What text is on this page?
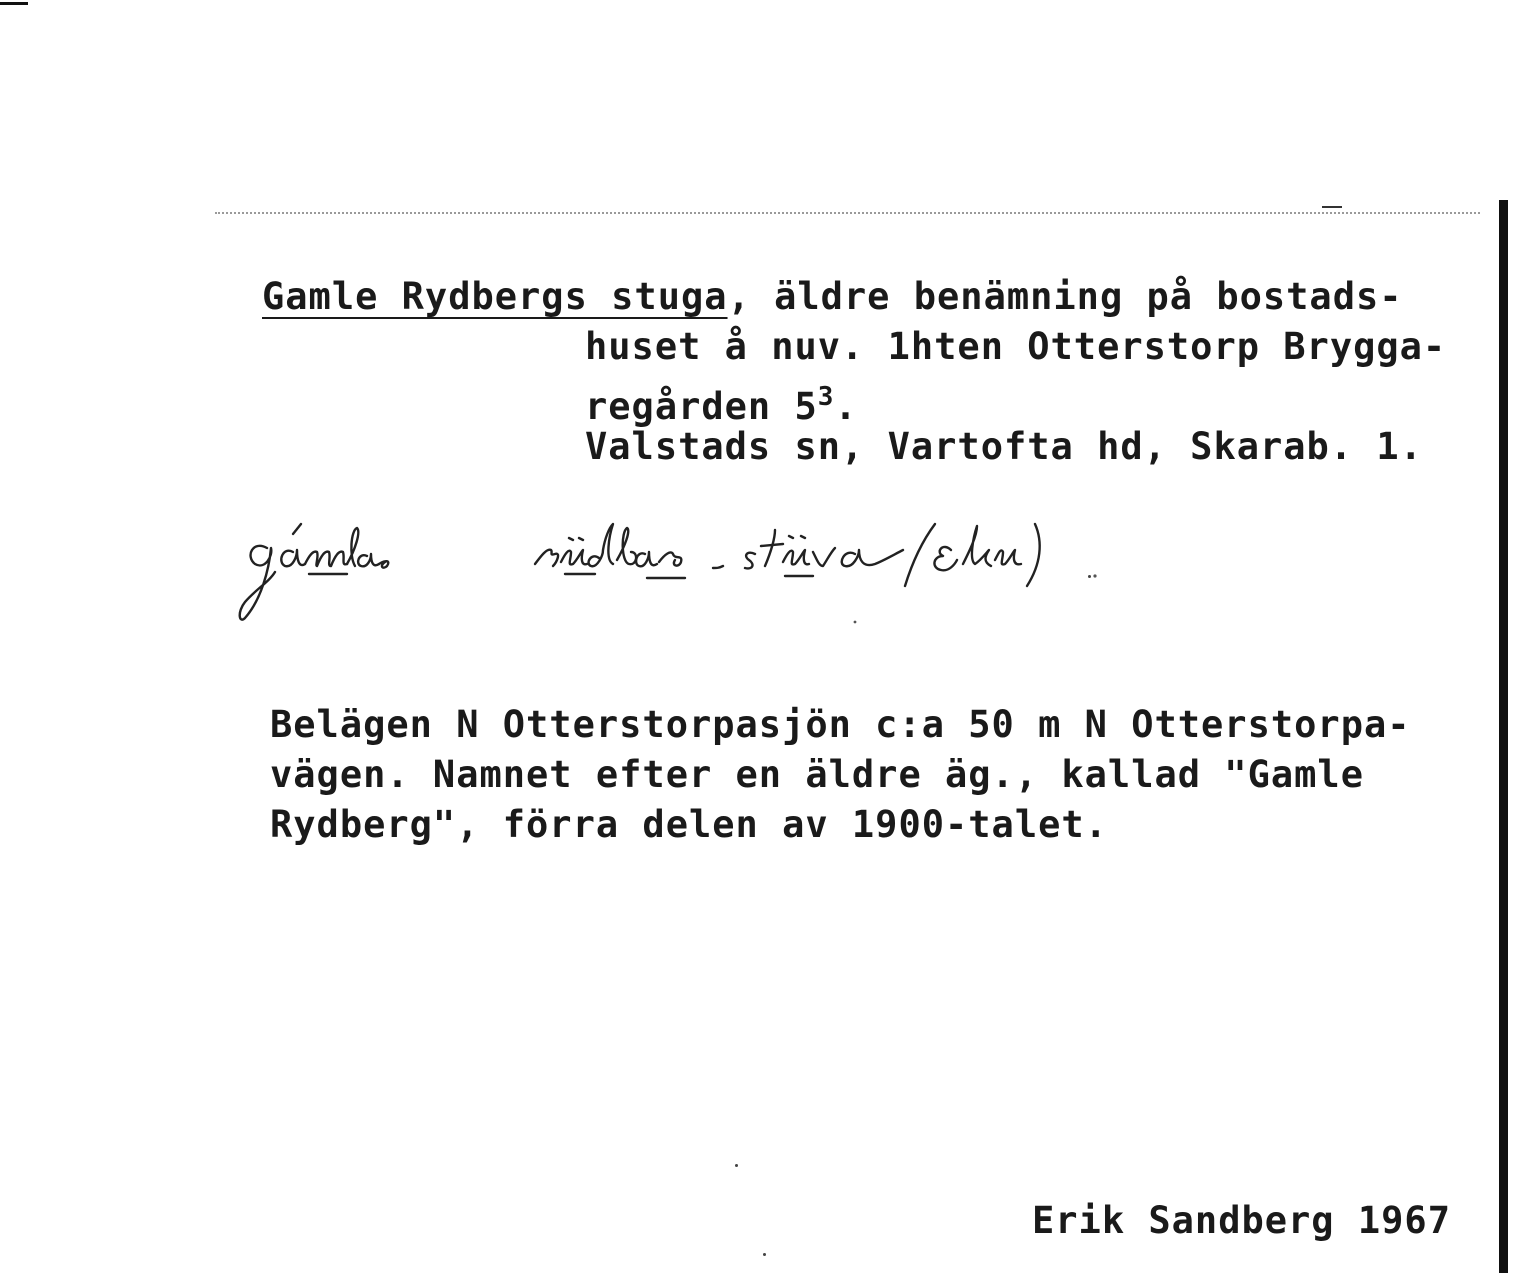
Gamle Rydbergs stuga, äldre benämning på bostads-
huset å nuv. 1hten Otterstorp Brygga-
regården $5^3$.
Valstads sn, Vartofta hd, Skarab. 1.
Belägen N Otterstorpasjön c:a 50 m N Otterstorpa-
vägen. Namnet efter en äldre äg., kallad "Gamle
Rydberg", förra delen av 1900-talet.
Erik Sandberg 1967
